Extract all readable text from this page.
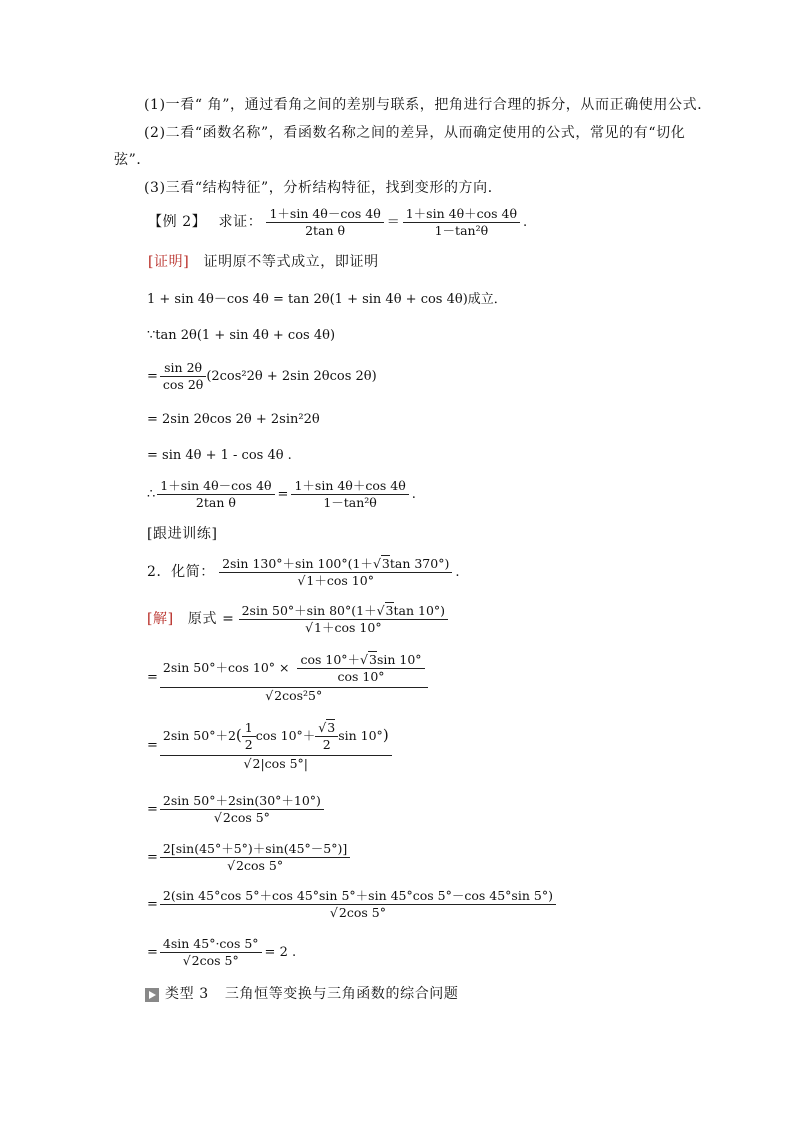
(1)一看“ 角”，通过看角之间的差别与联系，把角进行合理的拆分，从而正确使用公式．
(2)二看“函数名称”，看函数名称之间的差异，从而确定使用的公式，常见的有“切化
弦”．
(3)三看“结构特征”，分析结构特征，找到变形的方向．
【例 2】 求证： $\frac{1+\sin 4\theta-\cos 4\theta}{\text{2tan θ}} = \frac{1+\sin 4\theta+\cos 4\theta}{\text{1－tan²θ}}$ .
[证明] 证明原不等式成立，即证明
1 + sin 4θ－cos 4θ = tan 2θ(1 + sin 4θ + cos 4θ)成立．
∵tan 2θ(1 + sin 4θ + cos 4θ)
= $\frac{\sin 2\theta}{\cos 2\theta} (2\cos^22\theta + 2\sin$ 2θcos 2θ)
= 2sin 2θcos 2θ + 2sin²2θ
= sin 4θ + 1 - cos 4θ .
∴ $\frac{1+\sin 4\theta-\cos 4\theta}{\text{2tan θ}} = \frac{1+\sin 4\theta+\cos 4\theta}{\text{1－tan²θ}}$ .
[跟进训练]
2．化简： $\frac{2\sin 130^\circ+\sin 100^\circ(1+√3\tan 370^\circ)}{√1+\cos 10^\circ}$ .
[解] 原式 = $\frac{2\sin 50^\circ+\sin 80^\circ(1+√3\tan 10^\circ)}{√1+\cos 10^\circ}$
=
2sin 50°＋cos $10^\circ \times \frac{\cos 10^\circ+√3\sin 10^\circ}{\cos 10^\circ}$
√2cos²5°
= $\frac{2\sin 50^\circ+2( \frac{1}{2} \cos 10^\circ+ \frac{√3}{2} \sin 10^\circ)}{√2|\cos 5^\circ|}$
= $\frac{2\sin 50^\circ+2\sin(30^\circ+10^\circ)}{√2\cos 5^\circ}$
= $\frac{2[\sin(45^\circ+5^\circ)+\sin(45^\circ-5^\circ)]}{√2\cos 5^\circ}$
= $\frac{2(\sin 45^\circ\cos 5^\circ+\cos 45^\circ\sin 5^\circ+\sin 45^\circ\cos 5^\circ-\cos 45^\circ\sin 5^\circ)}{√2\cos 5^\circ}$
= $\frac{4\sin 45^\circ\cdot\cos 5^\circ}{√2\cos 5^\circ} = 2$ .
类型 3 三角恒等变换与三角函数的综合问题
